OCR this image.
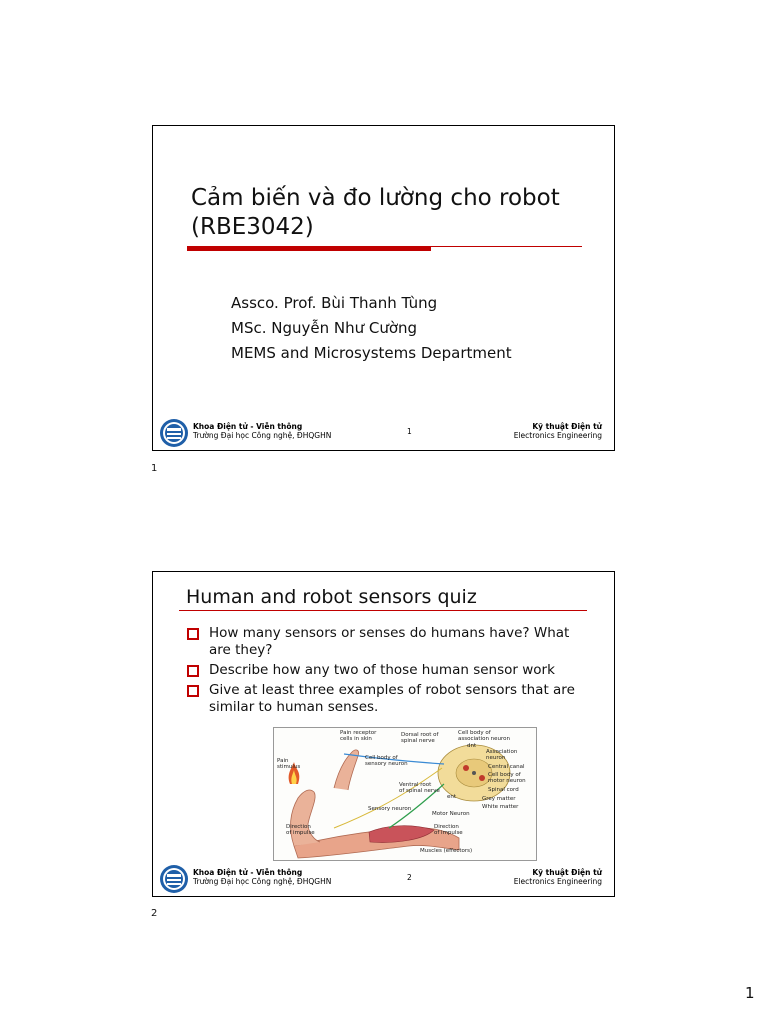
Cảm biến và đo lường cho robot
(RBE3042)
Assco. Prof. Bùi Thanh Tùng
MSc. Nguyễn Như Cường
MEMS and Microsystems Department
Khoa Điện tử - Viễn thông
Trường Đại học Công nghệ, ĐHQGHN	1
Kỹ thuật Điện tử
Electronics Engineering
1
Human and robot sensors quiz
How many sensors or senses do humans have? What are they?
Describe how any two of those human sensor work
Give at least three examples of robot sensors that are similar to human senses.
Pain receptor
cells in skin
Dorsal root of
spinal nerve
Cell body of
association neuron
dnt
Association
neuron
Central canal
Cell body of
motor neuron
Spinal cord
Grey matter
White matter
Pain
stimulus
Cell body of
sensory neuron
Ventral root
of spinal nerve
ent
Sensory neuron
Motor Neuron
Direction
of impulse
Direction
of impulse
Muscles (effectors)
Khoa Điện tử - Viễn thông
Trường Đại học Công nghệ, ĐHQGHN	2
Kỹ thuật Điện tử
Electronics Engineering
2
1
